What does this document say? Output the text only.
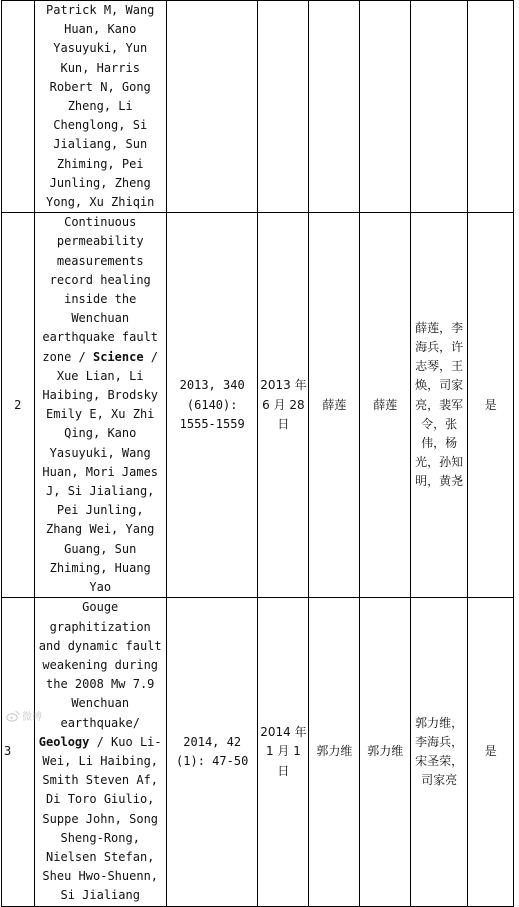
	Patrick M, Wang Huan, Kano Yasuyuki, Yun Kun, Harris Robert N, Gong Zheng, Li Chenglong, Si Jialiang, Sun Zhiming, Pei Junling, Zheng Yong, Xu Zhiqin						

2	Continuous permeability measurements record healing inside the Wenchuan earthquake fault zone / Science / Xue Lian, Li Haibing, Brodsky Emily E, Xu Zhi Qing, Kano Yasuyuki, Wang Huan, Mori James J, Si Jialiang, Pei Junling, Zhang Wei, Yang Guang, Sun Zhiming, Huang Yao	2013, 340 (6140): 1555-1559	2013 年 6 月 28 日	薛莲	薛莲	薛莲，李海兵，许志琴，王焕，司家亮，裴军令，张伟，杨光，孙知明，黄尧	是
3	Gouge graphitization and dynamic fault weakening during the 2008 Mw 7.9 Wenchuan earthquake/ Geology / Kuo Li-Wei, Li Haibing, Smith Steven Af, Di Toro Giulio, Suppe John, Song Sheng-Rong, Nielsen Stefan, Sheu Hwo-Shuenn, Si Jialiang	2014, 42 (1): 47-50	2014 年 1 月 1 日	郭力维	郭力维	郭力维，李海兵，宋圣荣，司家亮	是
微博
